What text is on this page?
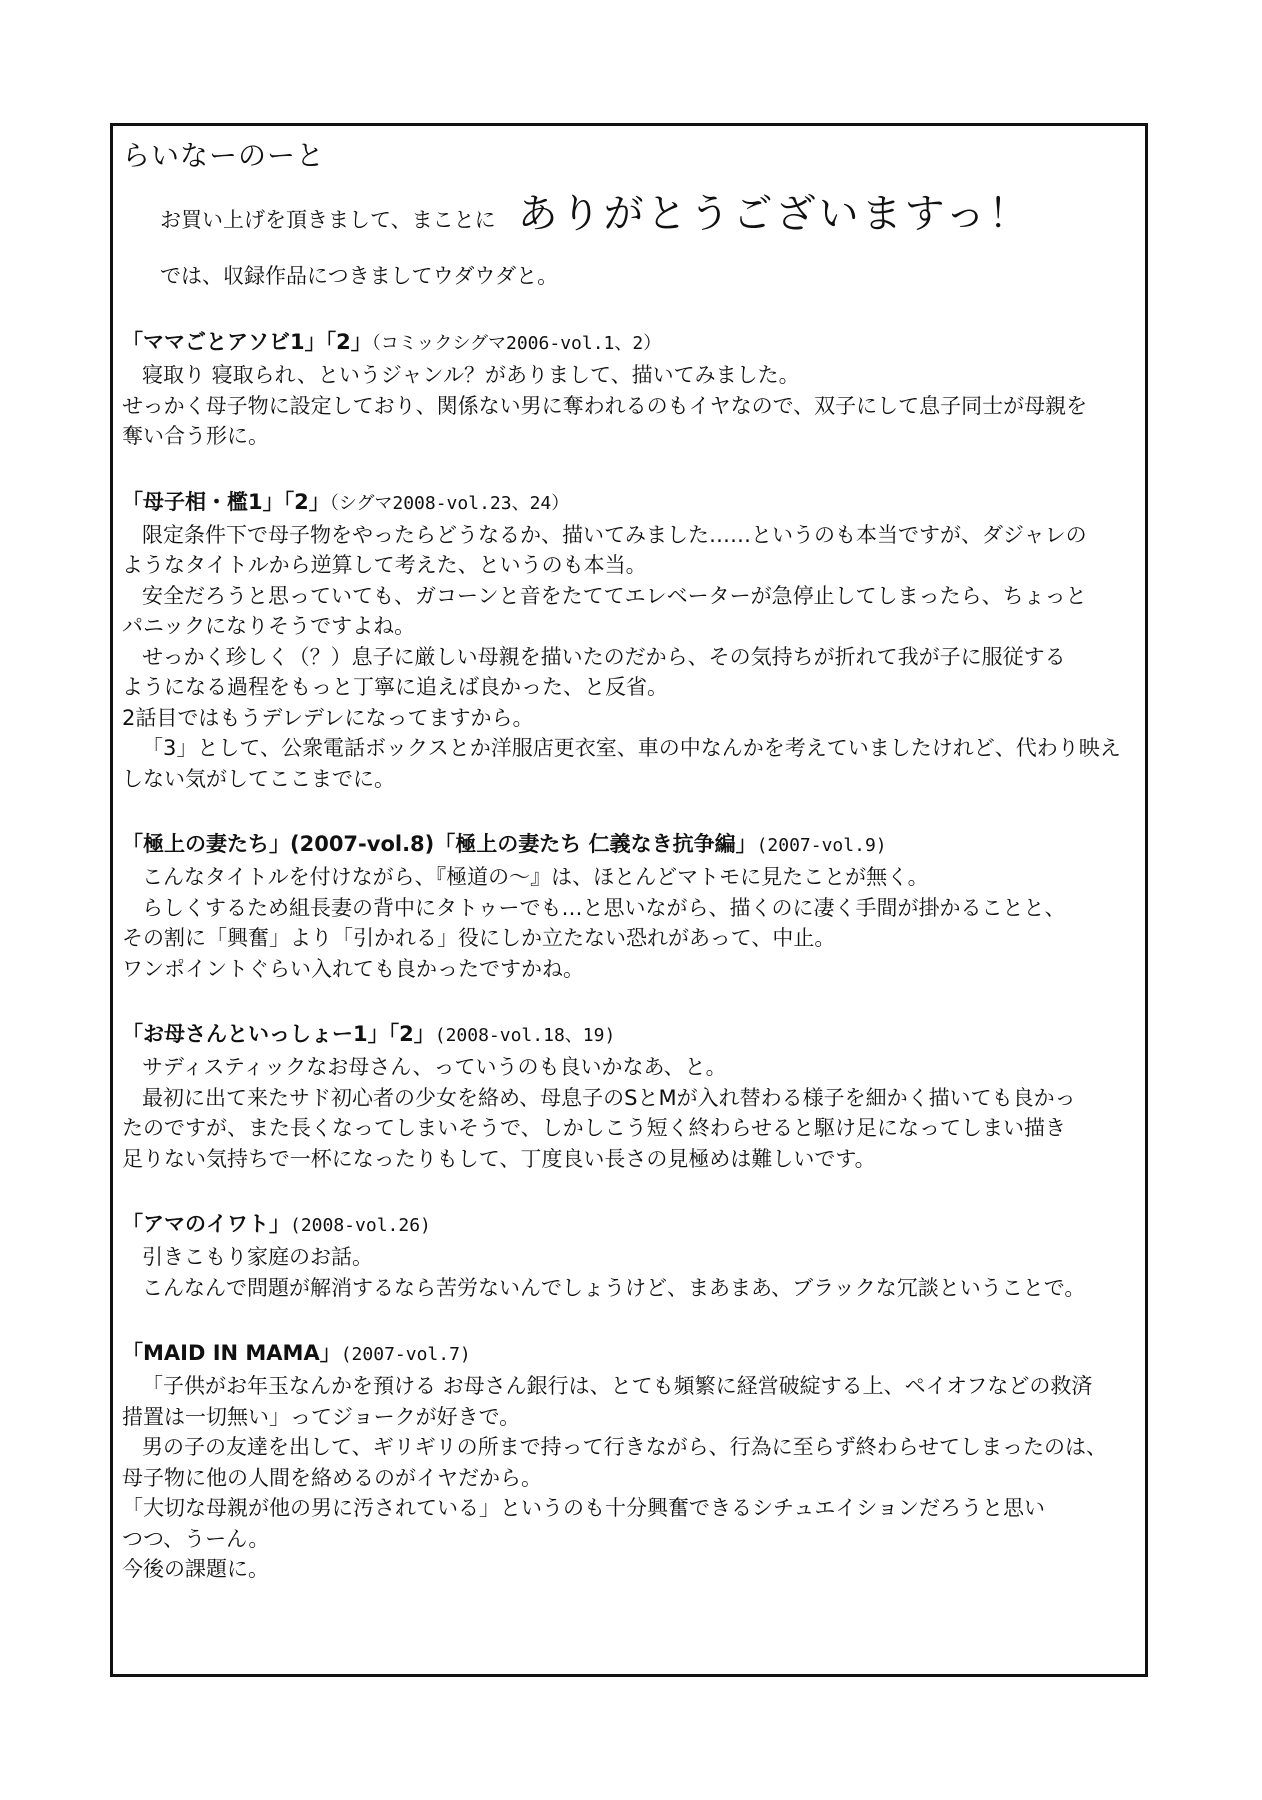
らいなーのーと
お買い上げを頂きまして、まことに ありがとうございますっ！
では、収録作品につきましてウダウダと。
「ママごとアソビ1」「2」（コミックシグマ2006-vol.1、2）
寝取り 寝取られ、というジャンル？がありまして、描いてみました。
せっかく母子物に設定しており、関係ない男に奪われるのもイヤなので、双子にして息子同士が母親を
奪い合う形に。
「母子相・檻1」「2」（シグマ2008-vol.23、24）
限定条件下で母子物をやったらどうなるか、描いてみました……というのも本当ですが、ダジャレの
ようなタイトルから逆算して考えた、というのも本当。
安全だろうと思っていても、ガコーンと音をたててエレベーターが急停止してしまったら、ちょっと
パニックになりそうですよね。
せっかく珍しく（？）息子に厳しい母親を描いたのだから、その気持ちが折れて我が子に服従する
ようになる過程をもっと丁寧に追えば良かった、と反省。
2話目ではもうデレデレになってますから。
「3」として、公衆電話ボックスとか洋服店更衣室、車の中なんかを考えていましたけれど、代わり映え
しない気がしてここまでに。
「極上の妻たち」(2007-vol.8)「極上の妻たち 仁義なき抗争編」(2007-vol.9)
こんなタイトルを付けながら、『極道の～』は、ほとんどマトモに見たことが無く。
らしくするため組長妻の背中にタトゥーでも…と思いながら、描くのに凄く手間が掛かることと、
その割に「興奮」より「引かれる」役にしか立たない恐れがあって、中止。
ワンポイントぐらい入れても良かったですかね。
「お母さんといっしょー1」「2」(2008-vol.18、19)
サディスティックなお母さん、っていうのも良いかなあ、と。
最初に出て来たサド初心者の少女を絡め、母息子のSとMが入れ替わる様子を細かく描いても良かっ
たのですが、また長くなってしまいそうで、しかしこう短く終わらせると駆け足になってしまい描き
足りない気持ちで一杯になったりもして、丁度良い長さの見極めは難しいです。
「アマのイワト」(2008-vol.26)
引きこもり家庭のお話。
こんなんで問題が解消するなら苦労ないんでしょうけど、まあまあ、ブラックな冗談ということで。
「MAID IN MAMA」(2007-vol.7)
「子供がお年玉なんかを預ける お母さん銀行は、とても頻繁に経営破綻する上、ペイオフなどの救済
措置は一切無い」ってジョークが好きで。
男の子の友達を出して、ギリギリの所まで持って行きながら、行為に至らず終わらせてしまったのは、
母子物に他の人間を絡めるのがイヤだから。
「大切な母親が他の男に汚されている」というのも十分興奮できるシチュエイションだろうと思い
つつ、うーん。
今後の課題に。
